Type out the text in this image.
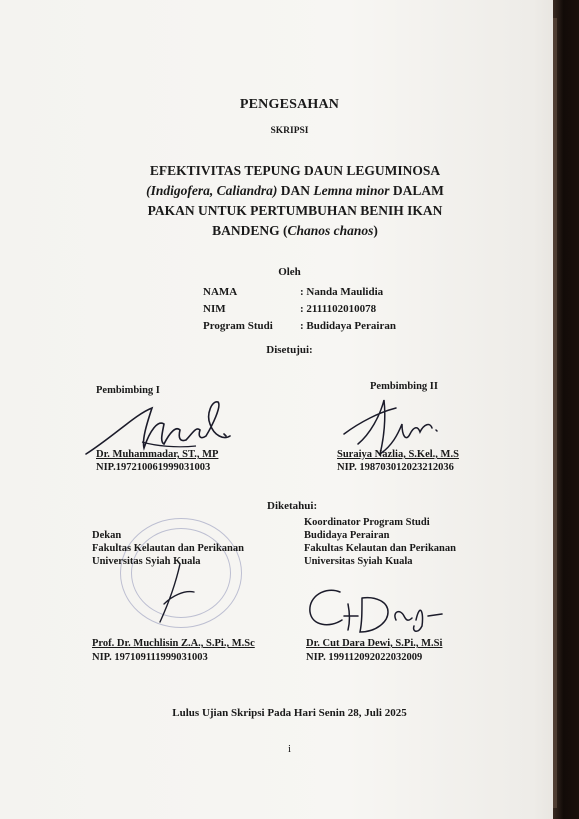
PENGESAHAN
SKRIPSI
EFEKTIVITAS TEPUNG DAUN LEGUMINOSA
(Indigofera, Caliandra) DAN Lemna minor DALAM
PAKAN UNTUK PERTUMBUHAN BENIH IKAN
BANDENG (Chanos chanos)
Oleh
NAMA	: Nanda Maulidia
NIM	: 2111102010078
Program Studi : Budidaya Perairan
Disetujui:
Pembimbing I	Pembimbing II
Dr. Muhammadar, ST., MP
NIP.197210061999031003
Suraiya Nazlia, S.Kel., M.S
NIP. 198703012023212036
Diketahui:
Dekan
Fakultas Kelautan dan Perikanan
Universitas Syiah Kuala
Koordinator Program Studi
Budidaya Perairan
Fakultas Kelautan dan Perikanan
Universitas Syiah Kuala
Prof. Dr. Muchlisin Z.A., S.Pi., M.Sc
NIP. 197109111999031003
Dr. Cut Dara Dewi, S.Pi., M.Si
NIP. 199112092022032009
Lulus Ujian Skripsi Pada Hari Senin 28, Juli 2025
i
